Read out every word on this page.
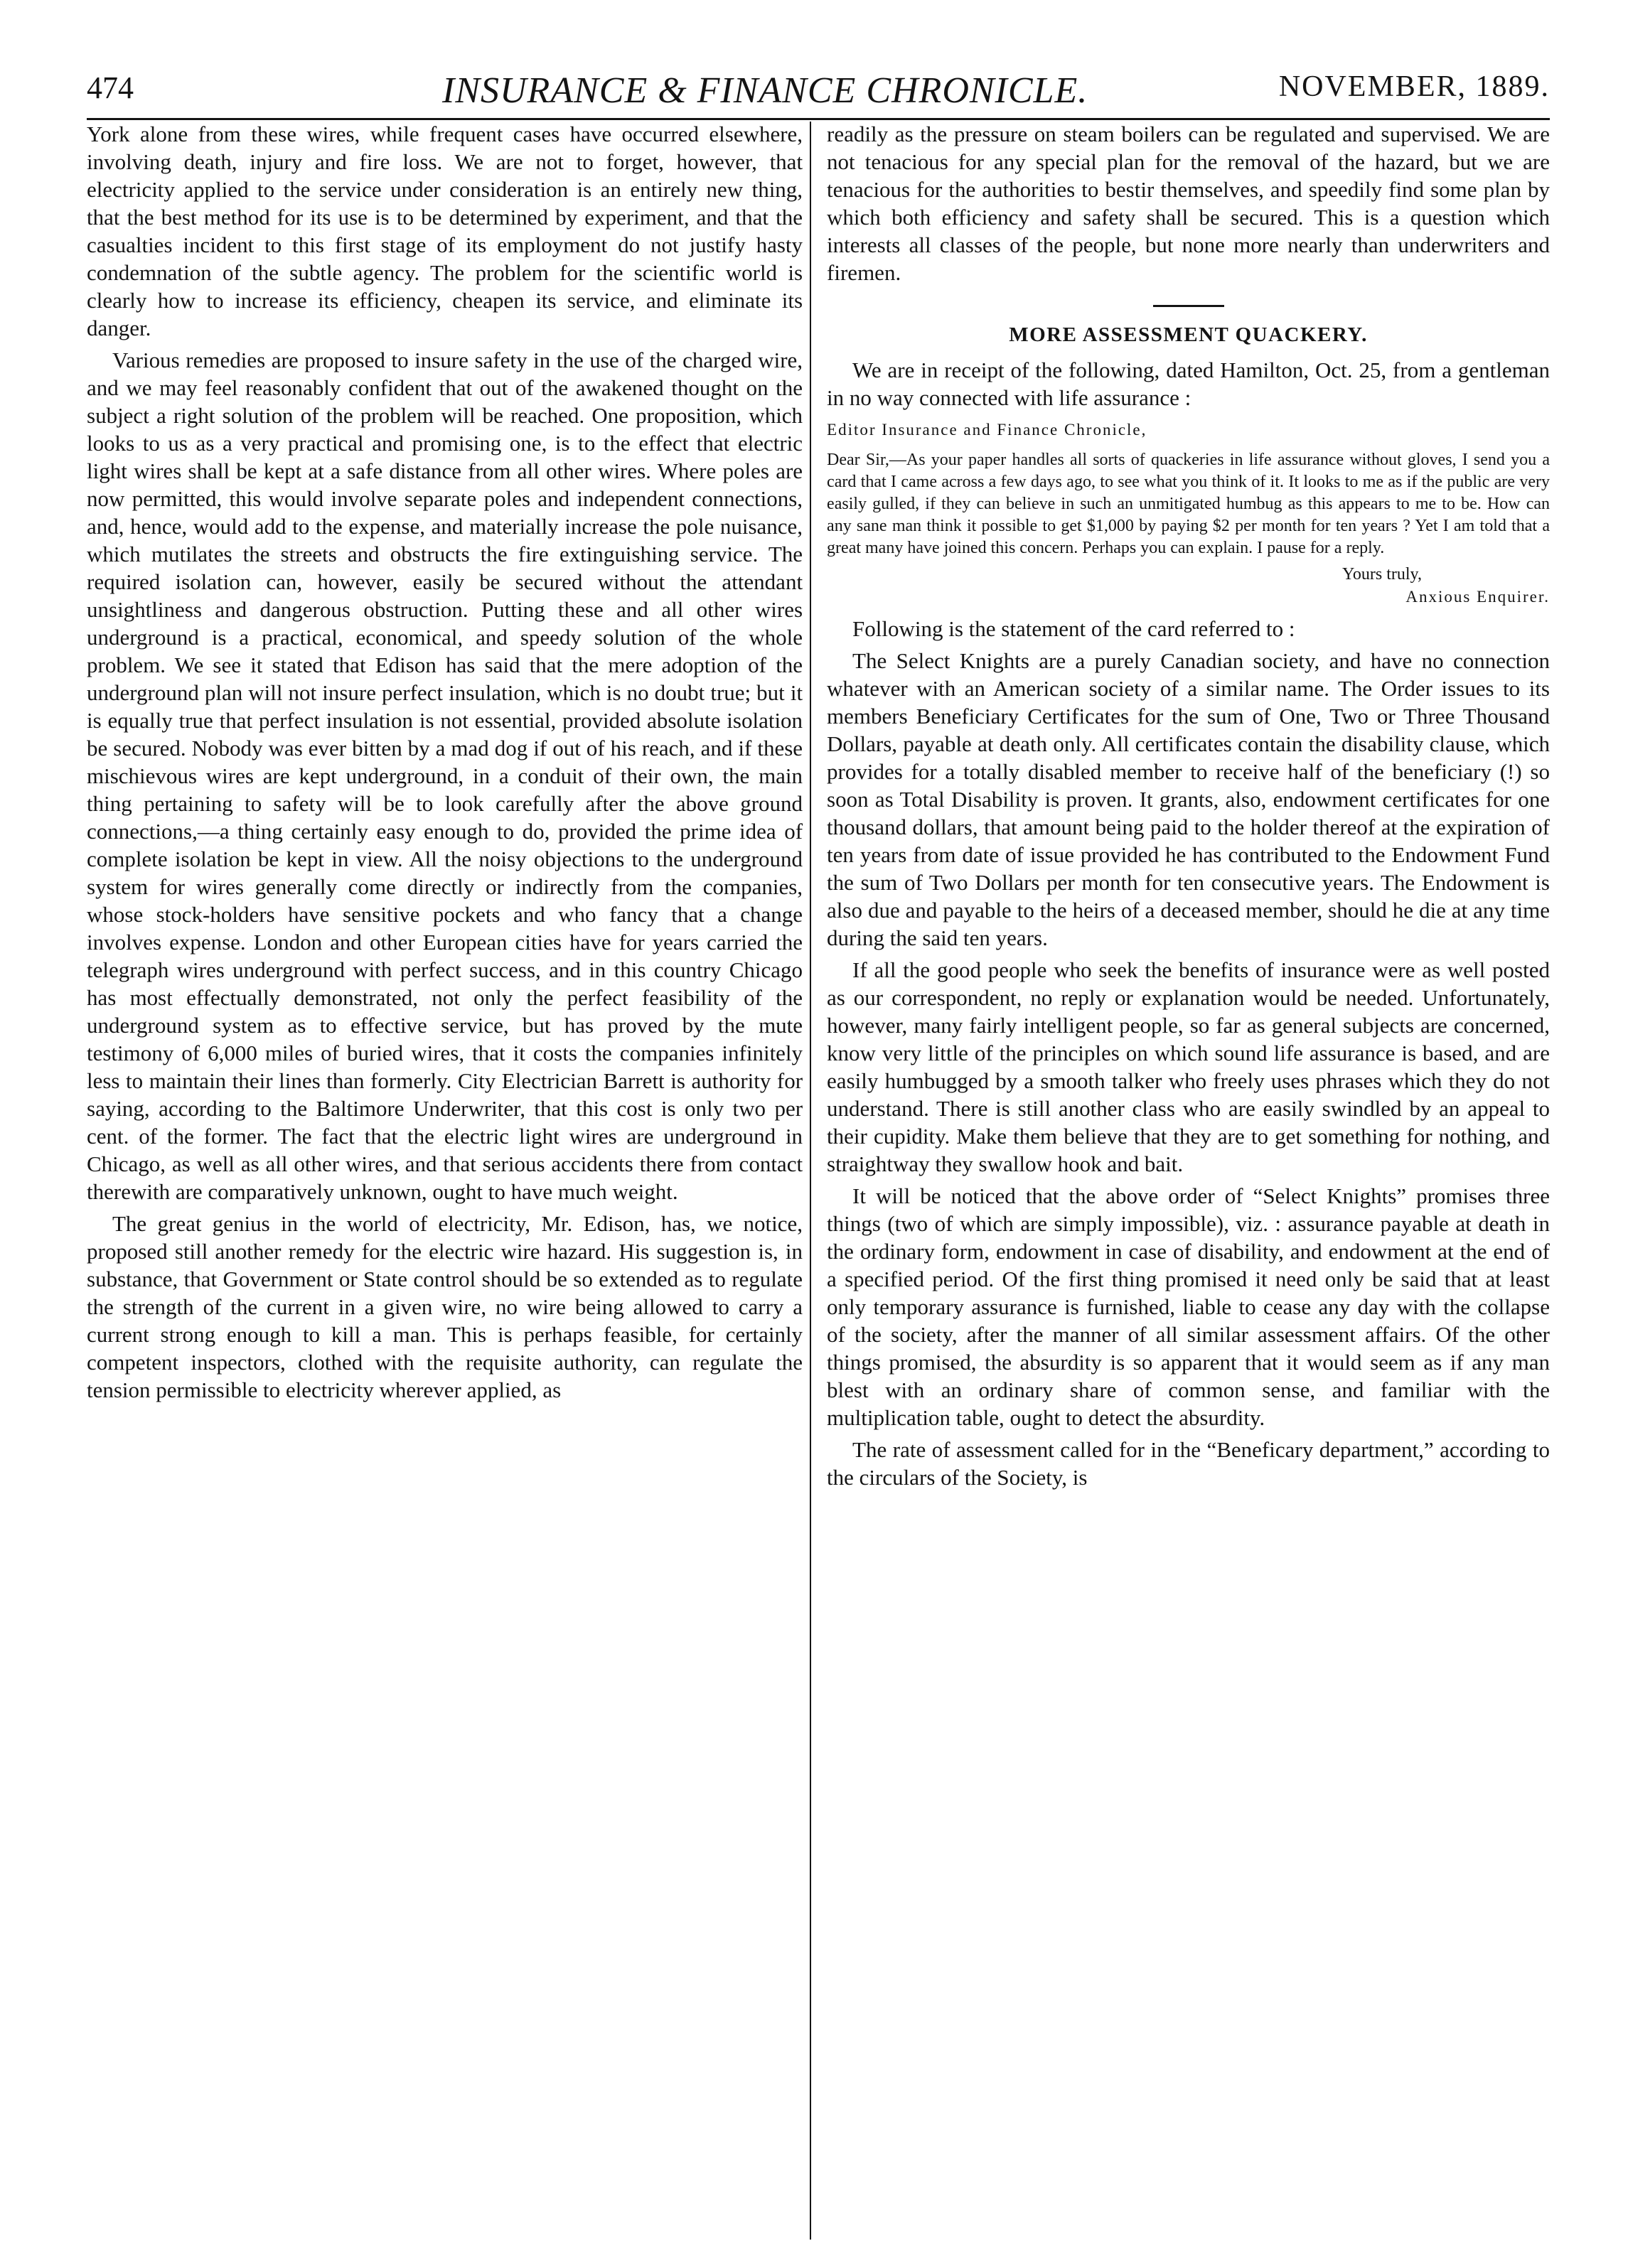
474	INSURANCE & FINANCE CHRONICLE.	NOVEMBER, 1889.

York alone from these wires, while frequent cases have occurred elsewhere, involving death, injury and fire loss. We are not to forget, however, that electricity applied to the service under consideration is an entirely new thing, that the best method for its use is to be determined by experiment, and that the casualties incident to this first stage of its employment do not justify hasty condemnation of the subtle agency. The problem for the scientific world is clearly how to increase its efficiency, cheapen its service, and eliminate its danger.

Various remedies are proposed to insure safety in the use of the charged wire, and we may feel reasonably confident that out of the awakened thought on the subject a right solution of the problem will be reached. One proposition, which looks to us as a very practical and promising one, is to the effect that electric light wires shall be kept at a safe distance from all other wires. Where poles are now permitted, this would involve separate poles and independent connections, and, hence, would add to the expense, and materially increase the pole nuisance, which mutilates the streets and obstructs the fire extinguishing service. The required isolation can, however, easily be secured without the attendant unsightliness and dangerous obstruction. Putting these and all other wires underground is a practical, economical, and speedy solution of the whole problem. We see it stated that Edison has said that the mere adoption of the underground plan will not insure perfect insulation, which is no doubt true; but it is equally true that perfect insulation is not essential, provided absolute isolation be secured. Nobody was ever bitten by a mad dog if out of his reach, and if these mischievous wires are kept underground, in a conduit of their own, the main thing pertaining to safety will be to look carefully after the above ground connections,—a thing certainly easy enough to do, provided the prime idea of complete isolation be kept in view. All the noisy objections to the underground system for wires generally come directly or indirectly from the companies, whose stock-holders have sensitive pockets and who fancy that a change involves expense. London and other European cities have for years carried the telegraph wires underground with perfect success, and in this country Chicago has most effectually demonstrated, not only the perfect feasibility of the underground system as to effective service, but has proved by the mute testimony of 6,000 miles of buried wires, that it costs the companies infinitely less to maintain their lines than formerly. City Electrician Barrett is authority for saying, according to the Baltimore Underwriter, that this cost is only two per cent. of the former. The fact that the electric light wires are underground in Chicago, as well as all other wires, and that serious accidents there from contact therewith are comparatively unknown, ought to have much weight.

The great genius in the world of electricity, Mr. Edison, has, we notice, proposed still another remedy for the electric wire hazard. His suggestion is, in substance, that Government or State control should be so extended as to regulate the strength of the current in a given wire, no wire being allowed to carry a current strong enough to kill a man. This is perhaps feasible, for certainly competent inspectors, clothed with the requisite authority, can regulate the tension permissible to electricity wherever applied, as

readily as the pressure on steam boilers can be regulated and supervised. We are not tenacious for any special plan for the removal of the hazard, but we are tenacious for the authorities to bestir themselves, and speedily find some plan by which both efficiency and safety shall be secured. This is a question which interests all classes of the people, but none more nearly than underwriters and firemen.

MORE ASSESSMENT QUACKERY.

We are in receipt of the following, dated Hamilton, Oct. 25, from a gentleman in no way connected with life assurance :

Editor Insurance and Finance Chronicle,

Dear Sir,—As your paper handles all sorts of quackeries in life assurance without gloves, I send you a card that I came across a few days ago, to see what you think of it. It looks to me as if the public are very easily gulled, if they can believe in such an unmitigated humbug as this appears to me to be. How can any sane man think it possible to get $1,000 by paying $2 per month for ten years ? Yet I am told that a great many have joined this concern. Perhaps you can explain. I pause for a reply.

Yours truly,
Anxious Enquirer.

Following is the statement of the card referred to :

The Select Knights are a purely Canadian society, and have no connection whatever with an American society of a similar name. The Order issues to its members Beneficiary Certificates for the sum of One, Two or Three Thousand Dollars, payable at death only. All certificates contain the disability clause, which provides for a totally disabled member to receive half of the beneficiary (!) so soon as Total Disability is proven. It grants, also, endowment certificates for one thousand dollars, that amount being paid to the holder thereof at the expiration of ten years from date of issue provided he has contributed to the Endowment Fund the sum of Two Dollars per month for ten consecutive years. The Endowment is also due and payable to the heirs of a deceased member, should he die at any time during the said ten years.

If all the good people who seek the benefits of insurance were as well posted as our correspondent, no reply or explanation would be needed. Unfortunately, however, many fairly intelligent people, so far as general subjects are concerned, know very little of the principles on which sound life assurance is based, and are easily humbugged by a smooth talker who freely uses phrases which they do not understand. There is still another class who are easily swindled by an appeal to their cupidity. Make them believe that they are to get something for nothing, and straightway they swallow hook and bait.

It will be noticed that the above order of “Select Knights” promises three things (two of which are simply impossible), viz. : assurance payable at death in the ordinary form, endowment in case of disability, and endowment at the end of a specified period. Of the first thing promised it need only be said that at least only temporary assurance is furnished, liable to cease any day with the collapse of the society, after the manner of all similar assessment affairs. Of the other things promised, the absurdity is so apparent that it would seem as if any man blest with an ordinary share of common sense, and familiar with the multiplication table, ought to detect the absurdity.

The rate of assessment called for in the “Beneficary department,” according to the circulars of the Society, is
